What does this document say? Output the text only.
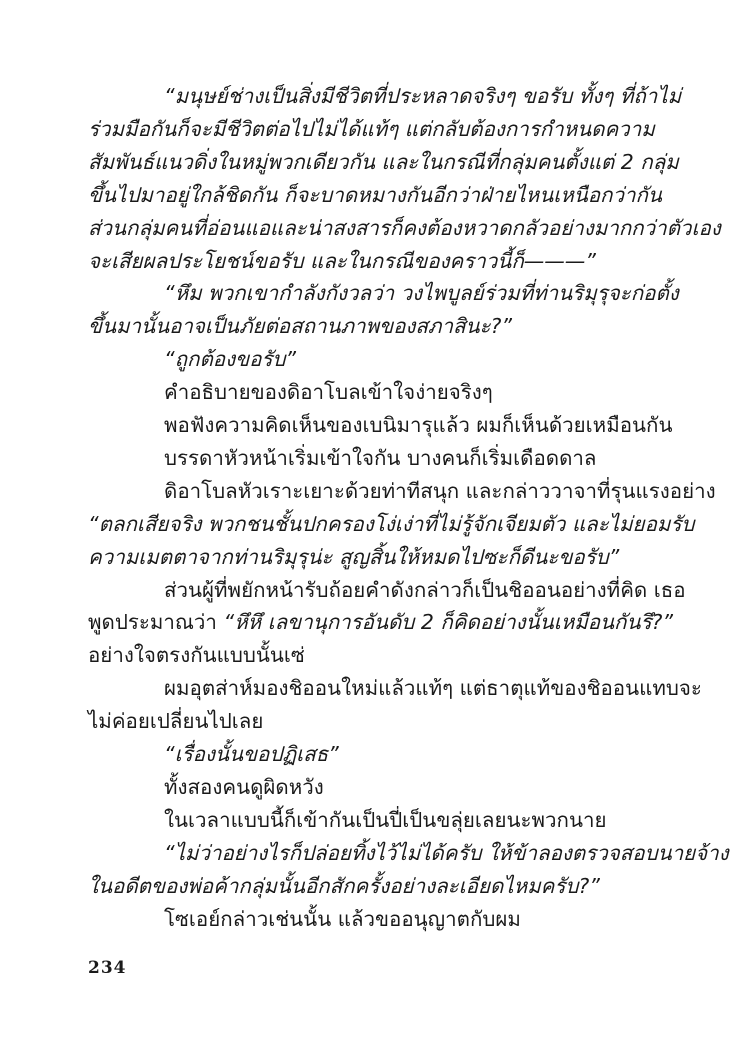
“มนุษย์ช่างเป็นสิ่งมีชีวิตที่ประหลาดจริงๆ ขอรับ ทั้งๆ ที่ถ้าไม่
ร่วมมือกันก็จะมีชีวิตต่อไปไม่ได้แท้ๆ แต่กลับต้องการกำหนดความ
สัมพันธ์แนวดิ่งในหมู่พวกเดียวกัน และในกรณีที่กลุ่มคนตั้งแต่ 2 กลุ่ม
ขึ้นไปมาอยู่ใกล้ชิดกัน ก็จะบาดหมางกันอีกว่าฝ่ายไหนเหนือกว่ากัน
ส่วนกลุ่มคนที่อ่อนแอและน่าสงสารก็คงต้องหวาดกลัวอย่างมากกว่าตัวเอง
จะเสียผลประโยชน์ขอรับ และในกรณีของคราวนี้ก็———”
“หึม พวกเขากำลังกังวลว่า วงไพบูลย์ร่วมที่ท่านริมุรุจะก่อตั้ง
ขึ้นมานั้นอาจเป็นภัยต่อสถานภาพของสภาสินะ?”
“ถูกต้องขอรับ”
คำอธิบายของดิอาโบลเข้าใจง่ายจริงๆ
พอฟังความคิดเห็นของเบนิมารุแล้ว ผมก็เห็นด้วยเหมือนกัน
บรรดาหัวหน้าเริ่มเข้าใจกัน บางคนก็เริ่มเดือดดาล
ดิอาโบลหัวเราะเยาะด้วยท่าทีสนุก และกล่าววาจาที่รุนแรงอย่าง
“ตลกเสียจริง พวกชนชั้นปกครองโง่เง่าที่ไม่รู้จักเจียมตัว และไม่ยอมรับ
ความเมตตาจากท่านริมุรุน่ะ สูญสิ้นให้หมดไปซะก็ดีนะขอรับ”
ส่วนผู้ที่พยักหน้ารับถ้อยคำดังกล่าวก็เป็นชิออนอย่างที่คิด เธอ
พูดประมาณว่า “หึหึ เลขานุการอันดับ 2 ก็คิดอย่างนั้นเหมือนกันรึ?”
อย่างใจตรงกันแบบนั้นเซ่
ผมอุตส่าห์มองชิออนใหม่แล้วแท้ๆ แต่ธาตุแท้ของชิออนแทบจะ
ไม่ค่อยเปลี่ยนไปเลย
“เรื่องนั้นขอปฏิเสธ”
ทั้งสองคนดูผิดหวัง
ในเวลาแบบนี้ก็เข้ากันเป็นปี่เป็นขลุ่ยเลยนะพวกนาย
“ไม่ว่าอย่างไรก็ปล่อยทิ้งไว้ไม่ได้ครับ ให้ข้าลองตรวจสอบนายจ้าง
ในอดีตของพ่อค้ากลุ่มนั้นอีกสักครั้งอย่างละเอียดไหมครับ?”
โซเอย์กล่าวเช่นนั้น แล้วขออนุญาตกับผม
234
